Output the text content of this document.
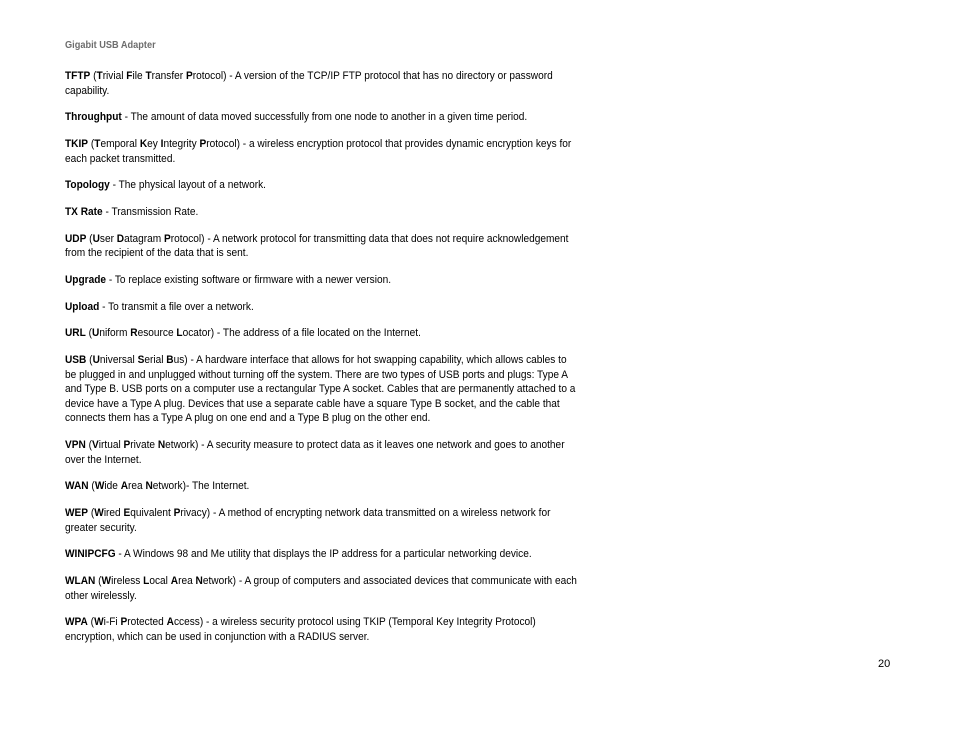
Gigabit USB Adapter

TFTP (Trivial File Transfer Protocol) - A version of the TCP/IP FTP protocol that has no directory or password capability.

Throughput - The amount of data moved successfully from one node to another in a given time period.

TKIP (Temporal Key Integrity Protocol) - a wireless encryption protocol that provides dynamic encryption keys for each packet transmitted.

Topology - The physical layout of a network.

TX Rate - Transmission Rate.

UDP (User Datagram Protocol) - A network protocol for transmitting data that does not require acknowledgement from the recipient of the data that is sent.

Upgrade - To replace existing software or firmware with a newer version.

Upload - To transmit a file over a network.

URL (Uniform Resource Locator) - The address of a file located on the Internet.

USB (Universal Serial Bus) - A hardware interface that allows for hot swapping capability, which allows cables to be plugged in and unplugged without turning off the system. There are two types of USB ports and plugs: Type A and Type B. USB ports on a computer use a rectangular Type A socket. Cables that are permanently attached to a device have a Type A plug. Devices that use a separate cable have a square Type B socket, and the cable that connects them has a Type A plug on one end and a Type B plug on the other end.

VPN (Virtual Private Network) - A security measure to protect data as it leaves one network and goes to another over the Internet.

WAN (Wide Area Network)- The Internet.

WEP (Wired Equivalent Privacy) - A method of encrypting network data transmitted on a wireless network for greater security.

WINIPCFG - A Windows 98 and Me utility that displays the IP address for a particular networking device.

WLAN (Wireless Local Area Network) - A group of computers and associated devices that communicate with each other wirelessly.

WPA (Wi-Fi Protected Access) - a wireless security protocol using TKIP (Temporal Key Integrity Protocol) encryption, which can be used in conjunction with a RADIUS server.

20
